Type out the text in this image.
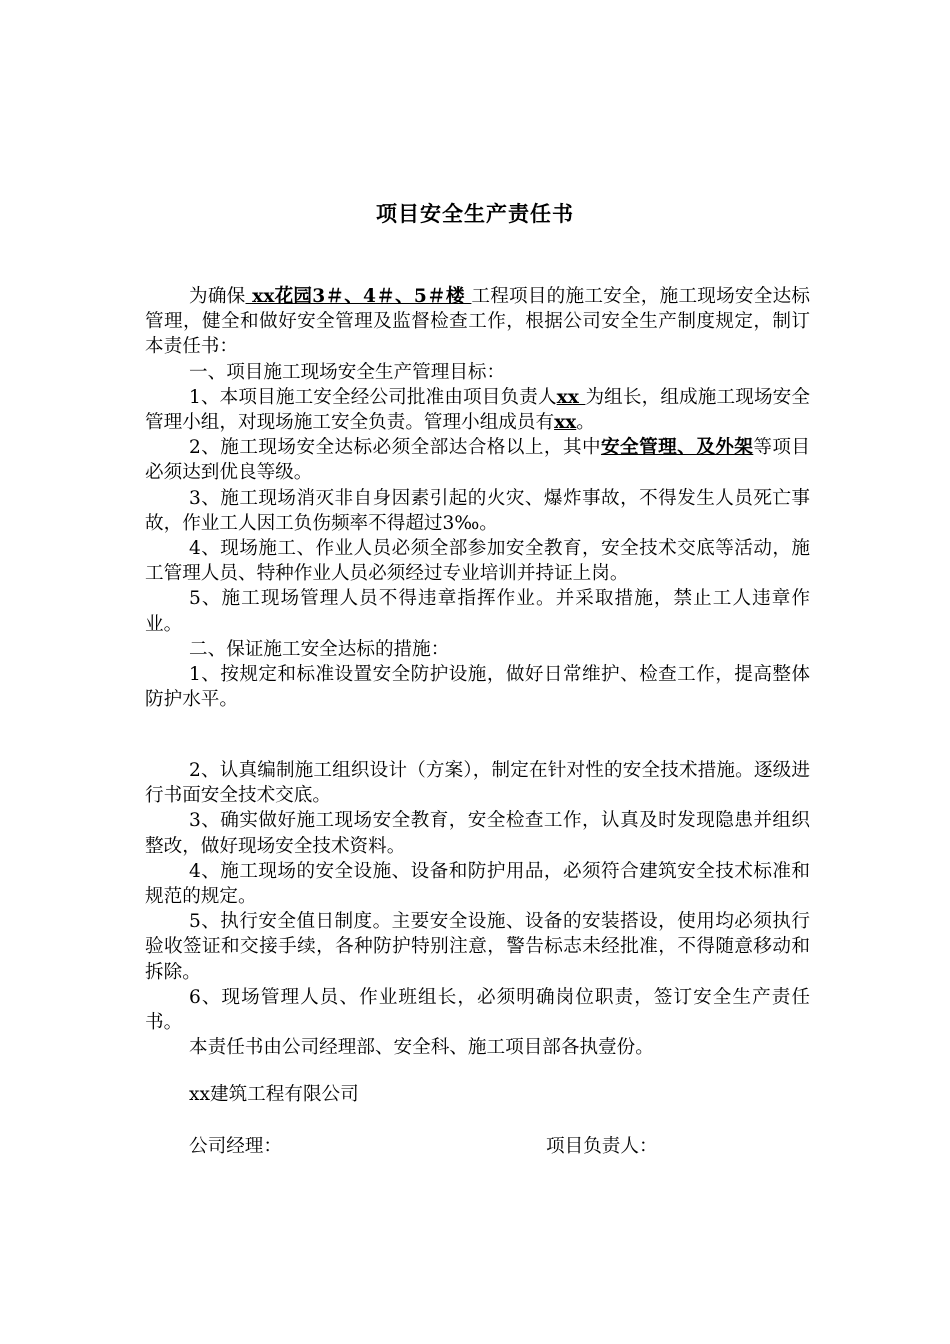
项目安全生产责任书

为确保 xx花园3＃、4＃、5＃楼 工程项目的施工安全，施工现场安全达标管理，健全和做好安全管理及监督检查工作，根据公司安全生产制度规定，制订本责任书：

一、项目施工现场安全生产管理目标：

1、本项目施工安全经公司批准由项目负责人xx 为组长，组成施工现场安全管理小组，对现场施工安全负责。管理小组成员有xx。

2、施工现场安全达标必须全部达合格以上，其中安全管理、及外架等项目必须达到优良等级。

3、施工现场消灭非自身因素引起的火灾、爆炸事故，不得发生人员死亡事故，作业工人因工负伤频率不得超过3‰。

4、现场施工、作业人员必须全部参加安全教育，安全技术交底等活动，施工管理人员、特种作业人员必须经过专业培训并持证上岗。

5、施工现场管理人员不得违章指挥作业。并采取措施，禁止工人违章作业。

二、保证施工安全达标的措施：

1、按规定和标准设置安全防护设施，做好日常维护、检查工作，提高整体防护水平。

2、认真编制施工组织设计（方案），制定在针对性的安全技术措施。逐级进行书面安全技术交底。

3、确实做好施工现场安全教育，安全检查工作，认真及时发现隐患并组织整改，做好现场安全技术资料。

4、施工现场的安全设施、设备和防护用品，必须符合建筑安全技术标准和规范的规定。

5、执行安全值日制度。主要安全设施、设备的安装搭设，使用均必须执行验收签证和交接手续，各种防护特别注意，警告标志未经批准，不得随意移动和拆除。

6、现场管理人员、作业班组长，必须明确岗位职责，签订安全生产责任书。

本责任书由公司经理部、安全科、施工项目部各执壹份。

xx建筑工程有限公司
公司经理：	项目负责人：
